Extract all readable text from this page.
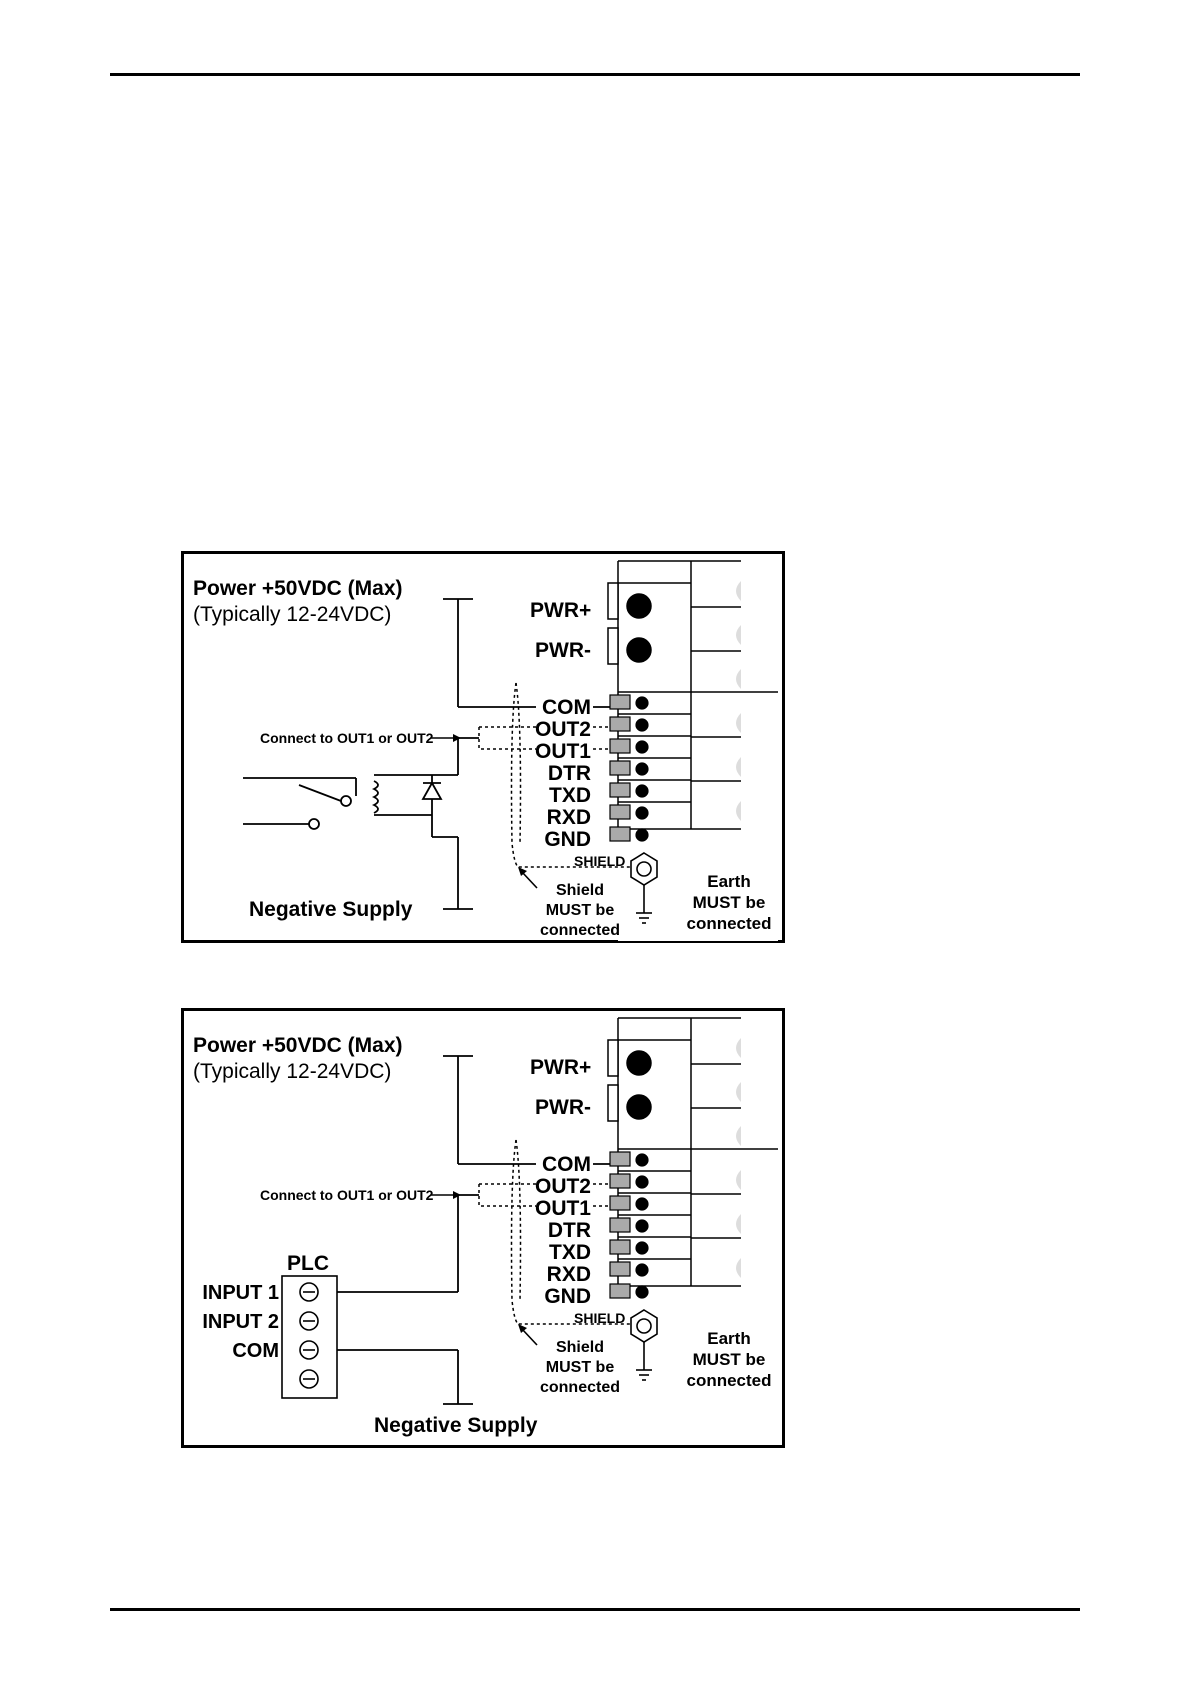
Power +50VDC (Max)
(Typically 12-24VDC)	PWR+
PWR-
COM
OUT2
OUT1
DTR
TXD
RXD
GND
Connect to OUT1 or OUT2
SHIELD
Shield
MUST be
connected
Earth
MUST be
connected
Negative Supply
Power +50VDC (Max)
(Typically 12-24VDC)	PWR+
PWR-
COM
OUT2
OUT1
DTR
TXD
RXD
GND
Connect to OUT1 or OUT2
PLC
INPUT 1
INPUT 2
COM
SHIELD
Shield
MUST be
connected
Earth
MUST be
connected
Negative Supply
